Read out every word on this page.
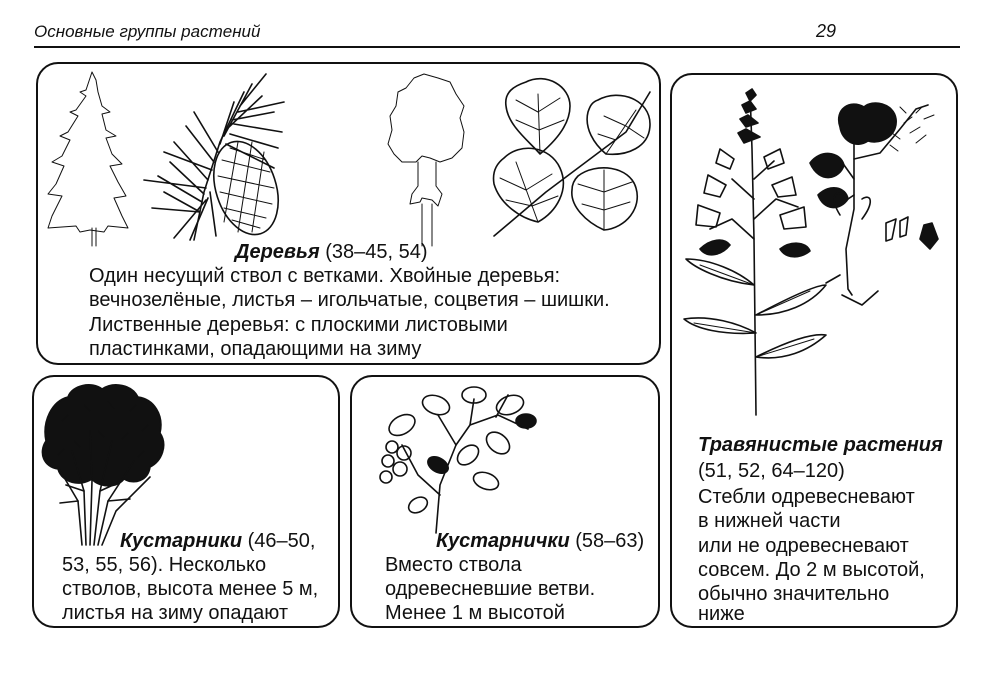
Основные группы растений	29
Деревья (38–45, 54)
Один несущий ствол с ветками. Хвойные деревья:
вечнозелёные, листья – игольчатые, соцветия – шишки.
Лиственные деревья: с плоскими листовыми
пластинками, опадающими на зиму
Кустарники (46–50,
53, 55, 56). Несколько
стволов, высота менее 5 м,
листья на зиму опадают
Кустарнички (58–63)
Вместо ствола
одревесневшие ветви.
Менее 1 м высотой
Травянистые растения
(51, 52, 64–120)
Стебли одревесневают
в нижней части
или не одревесневают
совсем. До 2 м высотой,
обычно значительно
ниже
